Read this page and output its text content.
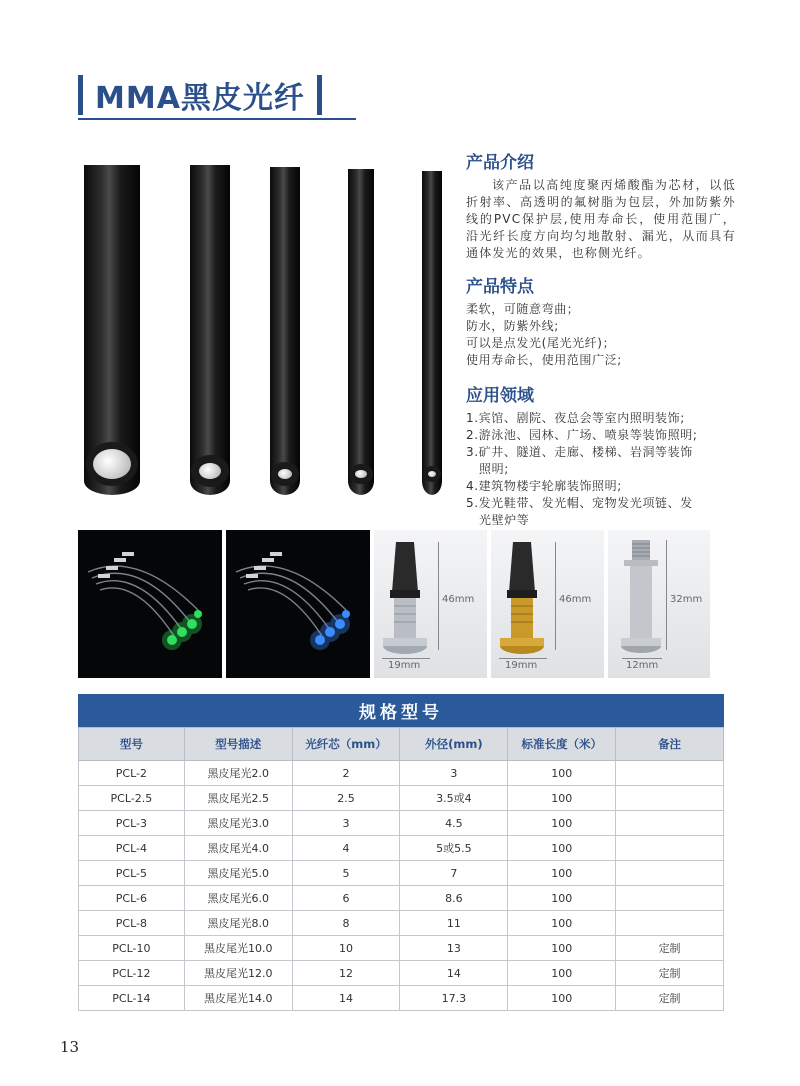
MMA黑皮光纤
产品介绍
该产品以高纯度聚丙烯酸酯为芯材，以低折射率、高透明的氟树脂为包层，外加防紫外线的PVC保护层,使用寿命长，使用范围广，沿光纤长度方向均匀地散射、漏光，从而具有通体发光的效果，也称侧光纤。
产品特点
柔软，可随意弯曲；
防水，防紫外线;
可以是点发光(尾光光纤)；
使用寿命长，使用范围广泛;
应用领域
1.宾馆、剧院、夜总会等室内照明装饰;
2.游泳池、园林、广场、喷泉等装饰照明;
3.矿井、隧道、走廊、楼梯、岩洞等装饰
照明;
4.建筑物楼宇轮廓装饰照明;
5.发光鞋带、发光帽、宠物发光项链、发
光壁炉等
46mm
19mm
46mm
19mm
32mm
12mm
规格型号
型号	型号描述	光纤芯（mm）	外径(mm)	标准长度（米）	备注
PCL-2	黑皮尾光2.0	2	3	100	
PCL-2.5	黑皮尾光2.5	2.5	3.5或4	100	
PCL-3	黑皮尾光3.0	3	4.5	100	
PCL-4	黑皮尾光4.0	4	5或5.5	100	
PCL-5	黑皮尾光5.0	5	7	100	
PCL-6	黑皮尾光6.0	6	8.6	100	
PCL-8	黑皮尾光8.0	8	11	100	
PCL-10	黑皮尾光10.0	10	13	100	定制
PCL-12	黑皮尾光12.0	12	14	100	定制
PCL-14	黑皮尾光14.0	14	17.3	100	定制
13
